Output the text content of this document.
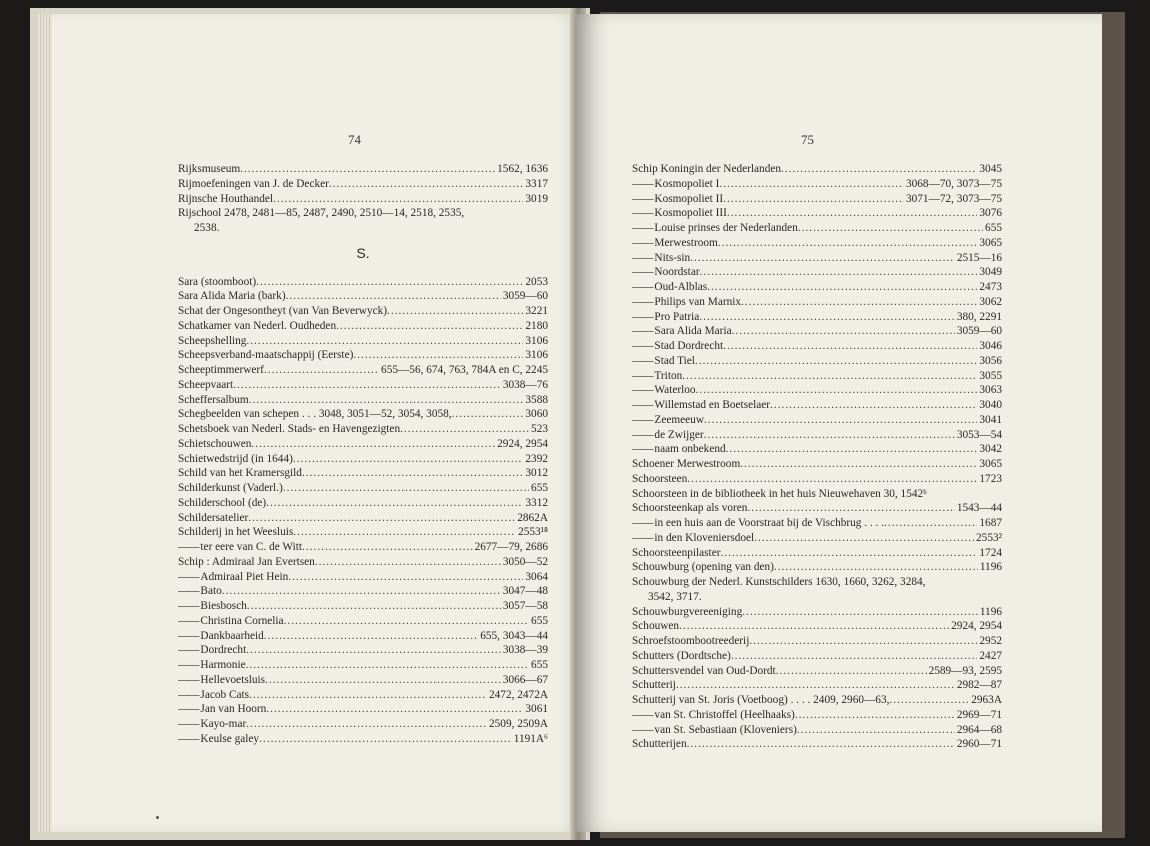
74
Rijksmuseum .....	1562, 1636
Rijmoefeningen van J. de Decker .....	3317
Rijnsche Houthandel .....	3019
Rijschool 2478, 2481—85, 2487, 2490, 2510—14, 2518, 2535,
2538.
S.
Sara (stoomboot) .....	2053
Sara Alida Maria (bark) .....	3059—60
Schat der Ongesontheyt (van Van Beverwyck) .....	3221
Schatkamer van Nederl. Oudheden .....	2180
Scheepshelling .....	3106
Scheepsverband-maatschappij (Eerste) .....	3106
Scheeptimmerwerf .....	655—56, 674, 763, 784A en C, 2245
Scheepvaart .....	3038—76
Scheffersalbum .....	3588
Schegbeelden van schepen . . . 3048, 3051—52, 3054, 3058, .....	3060
Schetsboek van Nederl. Stads- en Havengezigten .....	523
Schietschouwen .....	2924, 2954
Schietwedstrijd (in 1644) .....	2392
Schild van het Kramersgild .....	3012
Schilderkunst (Vaderl.) .....	655
Schilderschool (de) .....	3312
Schildersatelier .....	2862A
Schilderij in het Weesluis .....	2553¹⁸
—— ter eere van C. de Witt .....	2677—79, 2686
Schip : Admiraal Jan Evertsen .....	3050—52
—— Admiraal Piet Hein .....	3064
—— Bato .....	3047—48
—— Biesbosch .....	3057—58
—— Christina Cornelia .....	655
—— Dankbaarheid .....	655, 3043—44
—— Dordrecht .....	3038—39
—— Harmonie .....	655
—— Hellevoetsluis .....	3066—67
—— Jacob Cats .....	2472, 2472A
—— Jan van Hoorn .....	3061
—— Kayo-mar .....	2509, 2509A
—— Keulse galey .....	1191A⁶
75
Schip Koningin der Nederlanden .....	3045
—— Kosmopoliet I .....	3068—70, 3073—75
—— Kosmopoliet II .....	3071—72, 3073—75
—— Kosmopoliet III .....	3076
—— Louise prinses der Nederlanden .....	655
—— Merwestroom .....	3065
—— Nits-sin .....	2515—16
—— Noordstar .....	3049
—— Oud-Alblas .....	2473
—— Philips van Marnix .....	3062
—— Pro Patria .....	380, 2291
—— Sara Alida Maria .....	3059—60
—— Stad Dordrecht .....	3046
—— Stad Tiel .....	3056
—— Triton .....	3055
—— Waterloo .....	3063
—— Willemstad en Boetselaer .....	3040
—— Zeemeeuw .....	3041
—— de Zwijger .....	3053—54
—— naam onbekend .....	3042
Schoener Merwestroom .....	3065
Schoorsteen .....	1723
Schoorsteen in de bibliotheek in het huis Nieuwehaven 30, 1542ʰ
Schoorsteenkap als voren .....	1543—44
—— in een huis aan de Voorstraat bij de Vischbrug . . . . .....	1687
—— in den Kloveniersdoel .....	2553²
Schoorsteenpilaster .....	1724
Schouwburg (opening van den) .....	1196
Schouwburg der Nederl. Kunstschilders 1630, 1660, 3262, 3284,
3542, 3717.
Schouwburgvereeniging .....	1196
Schouwen .....	2924, 2954
Schroefstoombootreederij .....	2952
Schutters (Dordtsche) .....	2427
Schuttersvendel van Oud-Dordt .....	2589—93, 2595
Schutterij .....	2982—87
Schutterij van St. Joris (Voetboog) . . . . 2409, 2960—63, .....	2963A
—— van St. Christoffel (Heelhaaks) .....	2969—71
—— van St. Sebastiaan (Kloveniers) .....	2964—68
Schutterijen .....	2960—71
